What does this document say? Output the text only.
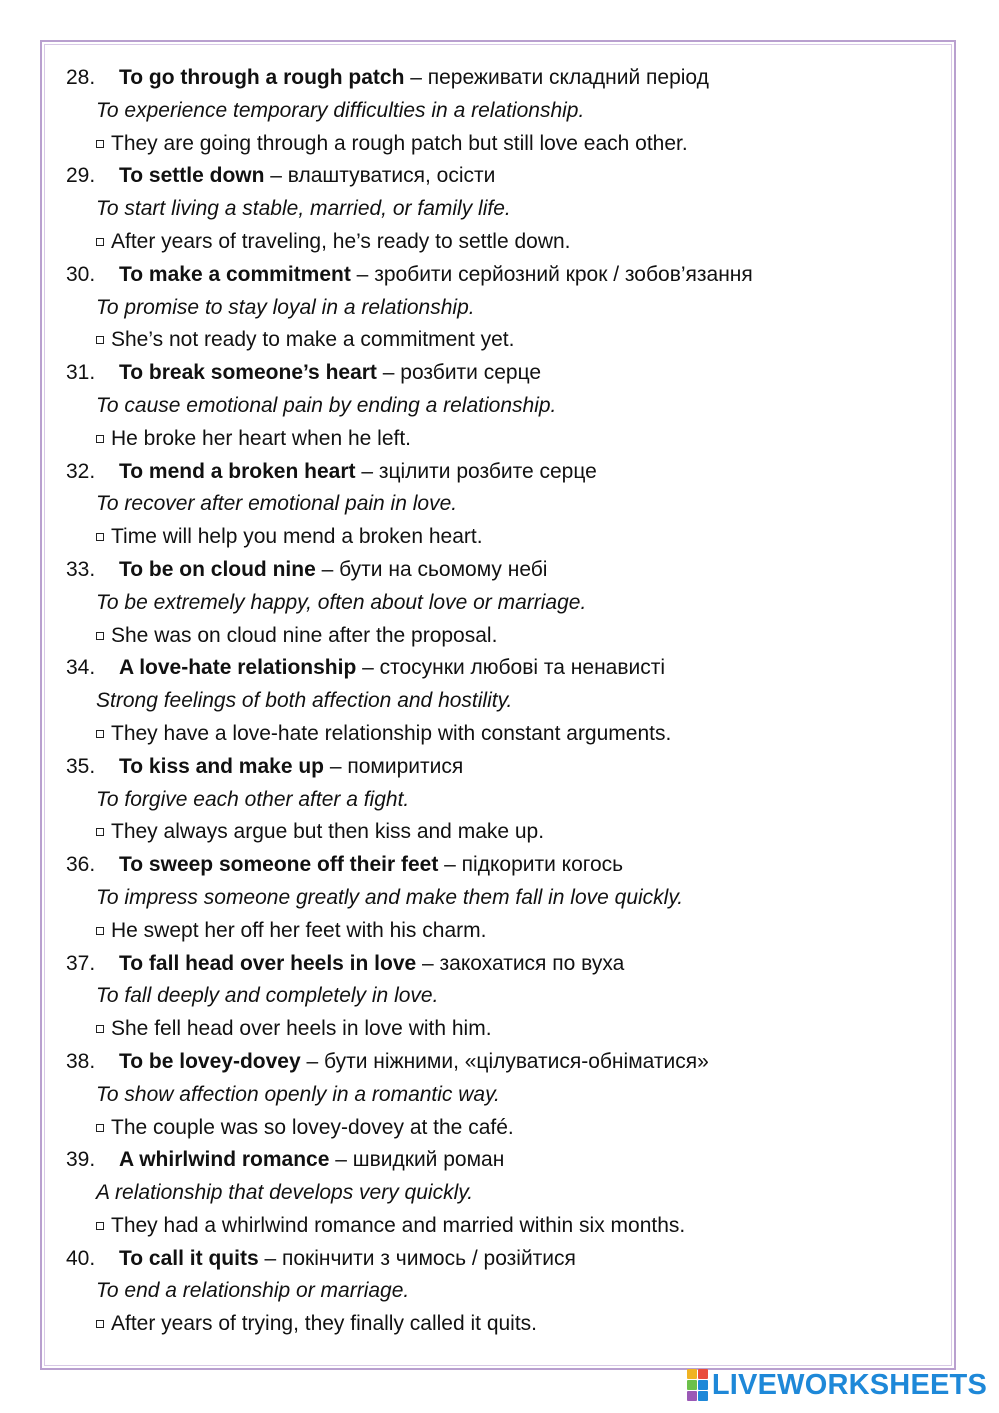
28. To go through a rough patch – переживати складний період
To experience temporary difficulties in a relationship.
They are going through a rough patch but still love each other.
29. To settle down – влаштуватися, осісти
To start living a stable, married, or family life.
After years of traveling, he’s ready to settle down.
30. To make a commitment – зробити серйозний крок / зобов’язання
To promise to stay loyal in a relationship.
She’s not ready to make a commitment yet.
31. To break someone’s heart – розбити серце
To cause emotional pain by ending a relationship.
He broke her heart when he left.
32. To mend a broken heart – зцілити розбите серце
To recover after emotional pain in love.
Time will help you mend a broken heart.
33. To be on cloud nine – бути на сьомому небі
To be extremely happy, often about love or marriage.
She was on cloud nine after the proposal.
34. A love-hate relationship – стосунки любові та ненависті
Strong feelings of both affection and hostility.
They have a love-hate relationship with constant arguments.
35. To kiss and make up – помиритися
To forgive each other after a fight.
They always argue but then kiss and make up.
36. To sweep someone off their feet – підкорити когось
To impress someone greatly and make them fall in love quickly.
He swept her off her feet with his charm.
37. To fall head over heels in love – закохатися по вуха
To fall deeply and completely in love.
She fell head over heels in love with him.
38. To be lovey-dovey – бути ніжними, «цілуватися-обніматися»
To show affection openly in a romantic way.
The couple was so lovey-dovey at the café.
39. A whirlwind romance – швидкий роман
A relationship that develops very quickly.
They had a whirlwind romance and married within six months.
40. To call it quits – покінчити з чимось / розійтися
To end a relationship or marriage.
After years of trying, they finally called it quits.
LIVEWORKSHEETS
